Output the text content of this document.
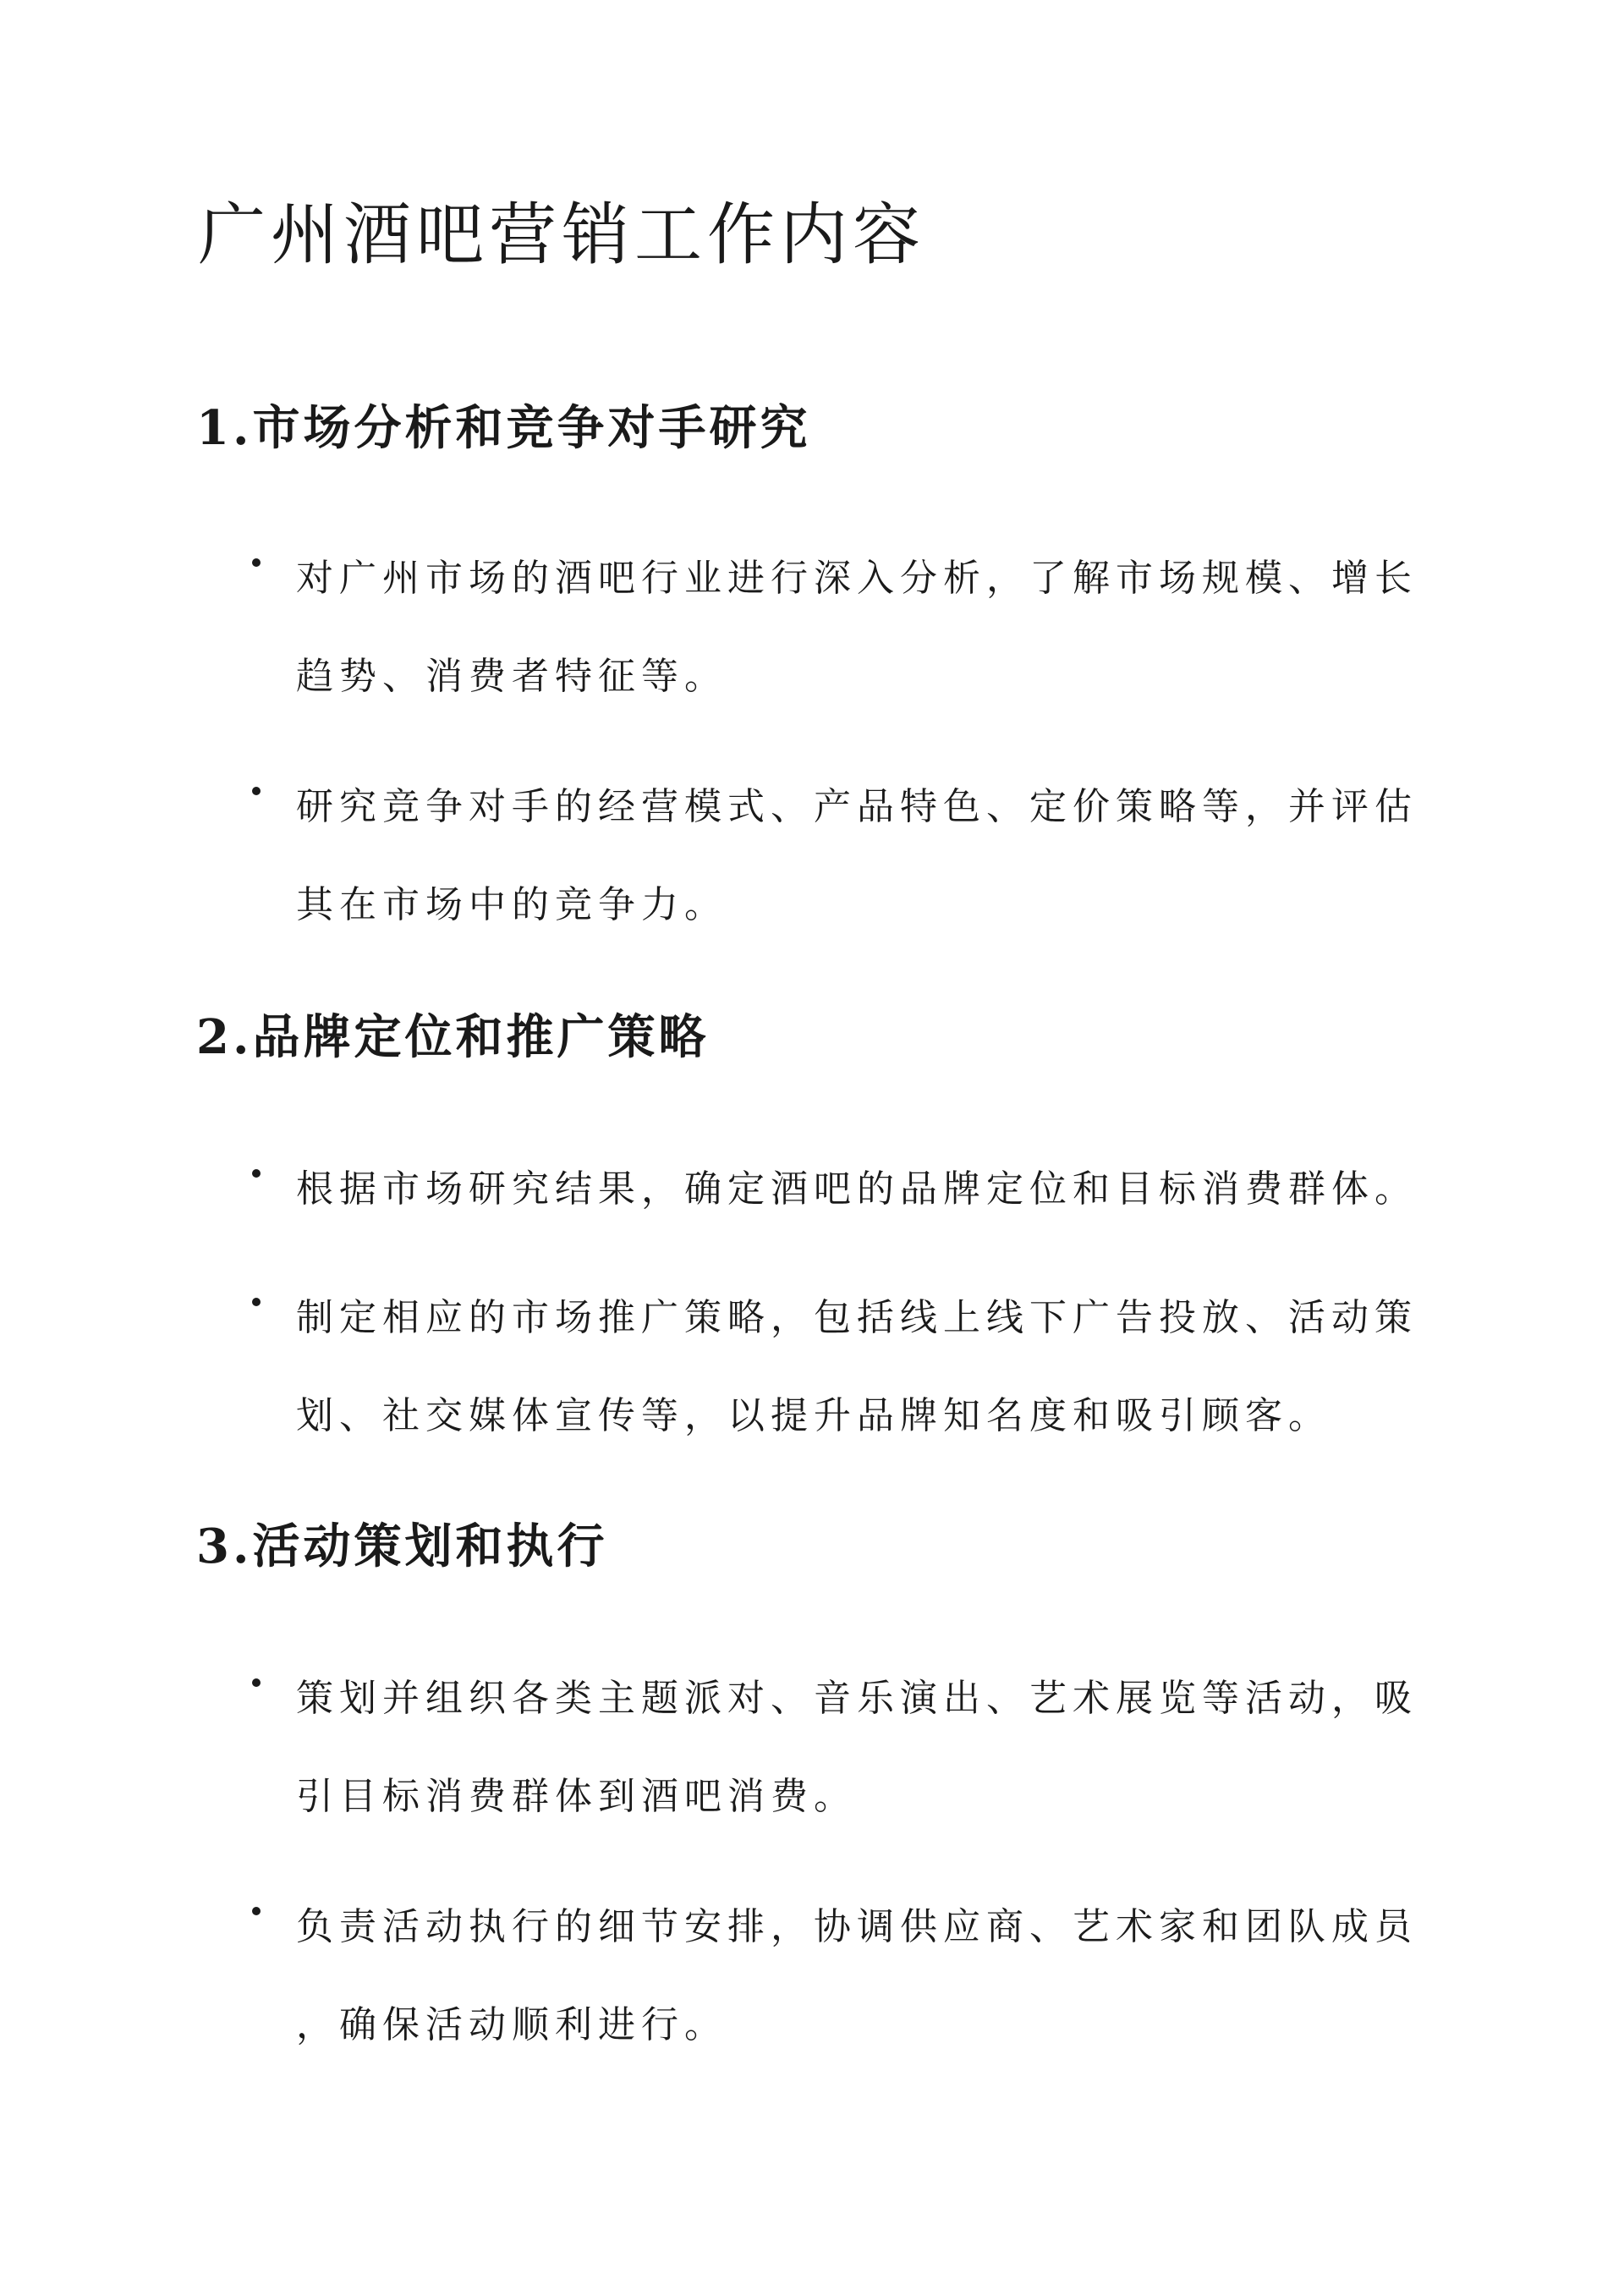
广州酒吧营销工作内容
1.市场分析和竞争对手研究
对广州市场的酒吧行业进行深入分析，了解市场规模、增长
趋势、消费者特征等。
研究竞争对手的经营模式、产品特色、定价策略等，并评估
其在市场中的竞争力。
2.品牌定位和推广策略
根据市场研究结果，确定酒吧的品牌定位和目标消费群体。
制定相应的市场推广策略，包括线上线下广告投放、活动策
划、社交媒体宣传等，以提升品牌知名度和吸引顾客。
3.活动策划和执行
策划并组织各类主题派对、音乐演出、艺术展览等活动，吸
引目标消费群体到酒吧消费。
负责活动执行的细节安排，协调供应商、艺术家和团队成员
，确保活动顺利进行。
